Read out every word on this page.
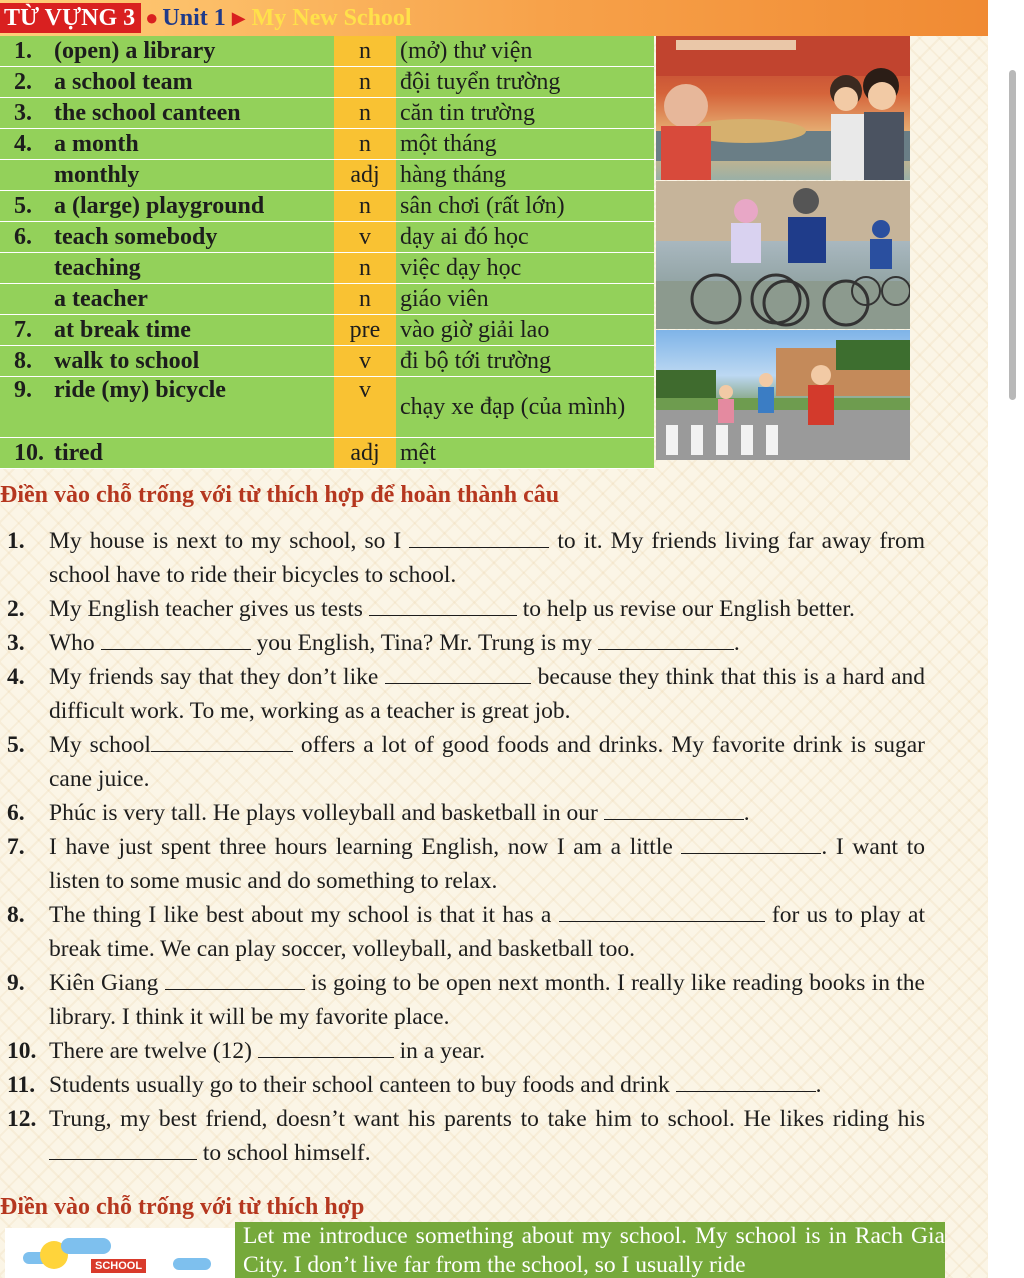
TỪ VỰNG 3 ● Unit 1 ▶ My New School
1. (open) a library	n	(mở) thư viện
2. a school team	n	đội tuyển trường
3. the school canteen	n	căn tin trường
4. a month	n	một tháng
monthly	adj	hàng tháng
5. a (large) playground	n	sân chơi (rất lớn)
6. teach somebody	v	dạy ai đó học
teaching	n	việc dạy học
a teacher	n	giáo viên
7. at break time	pre	vào giờ giải lao
8. walk to school	v	đi bộ tới trường
9. ride (my) bicycle	v	chạy xe đạp (của mình)
10. tired	adj	mệt
Điền vào chỗ trống với từ thích hợp để hoàn thành câu
1. My house is next to my school, so I	to it. My friends living far away from school have to ride their bicycles to school.
2. My English teacher gives us tests	to help us revise our English better.
3. Who	you English, Tina? Mr. Trung is my	.
4. My friends say that they don’t like	because they think that this is a hard and difficult work. To me, working as a teacher is great job.
5. My school	offers a lot of good foods and drinks. My favorite drink is sugar cane juice.
6. Phúc is very tall. He plays volleyball and basketball in our	.
7. I have just spent three hours learning English, now I am a little	. I want to listen to some music and do something to relax.
8. The thing I like best about my school is that it has a	for us to play at break time. We can play soccer, volleyball, and basketball too.
9. Kiên Giang	is going to be open next month. I really like reading books in the library. I think it will be my favorite place.
10. There are twelve (12)	in a year.
11. Students usually go to their school canteen to buy foods and drink	.
12. Trung, my best friend, doesn’t want his parents to take him to school. He likes riding his  to school himself.
Điền vào chỗ trống với từ thích hợp
SCHOOL
Let me introduce something about my school. My school is in Rach Gia City. I don’t live far from the school, so I usually ride
